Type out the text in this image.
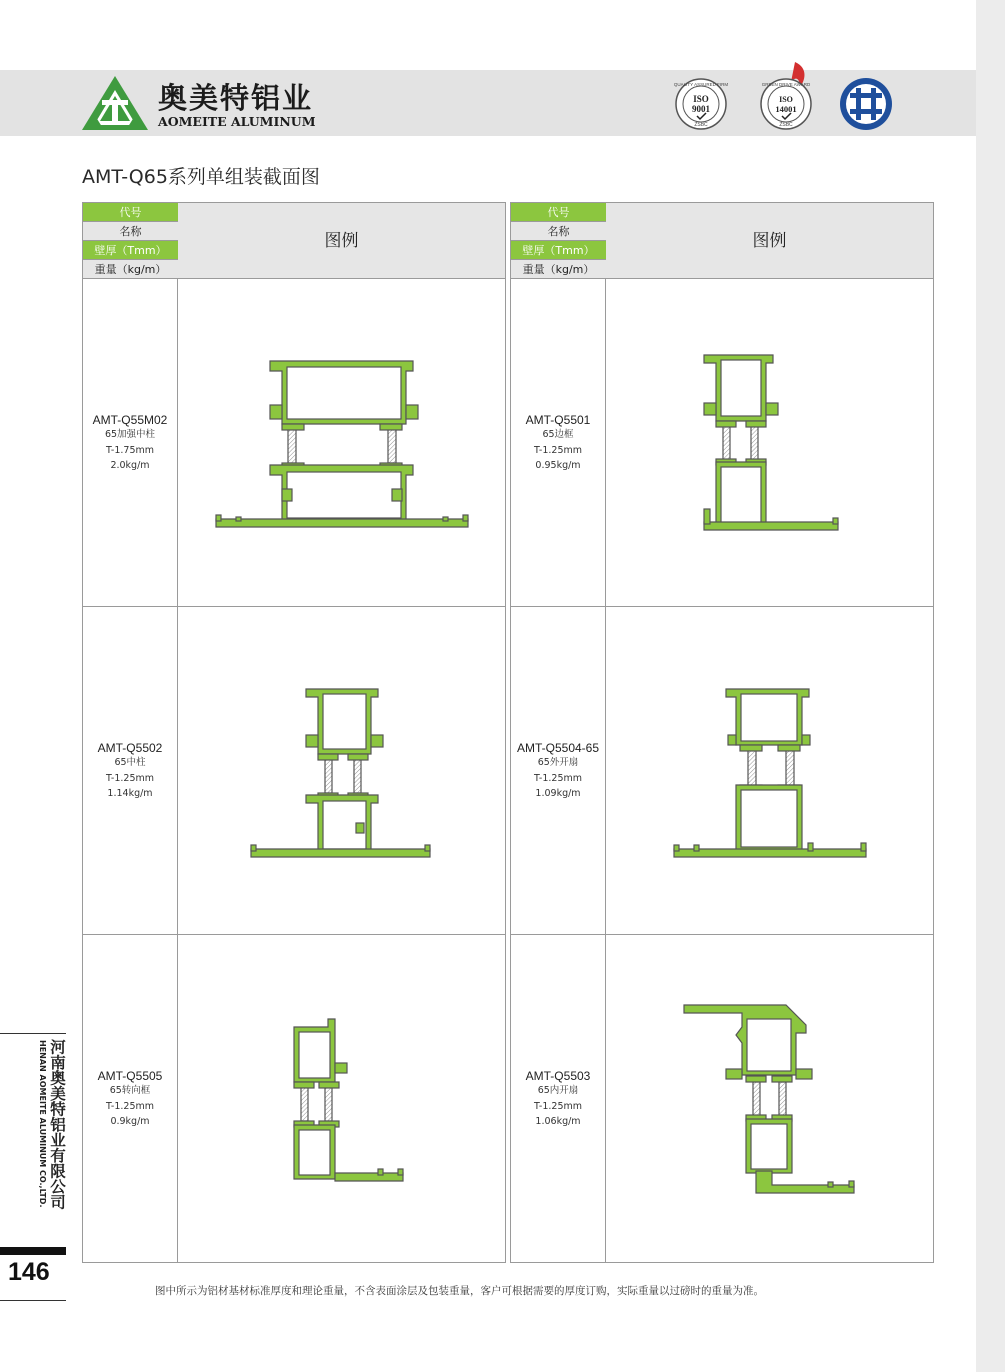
奥美特铝业
AOMEITE ALUMINUM
QUALITY ASSURED FIRM
ISO
9001
ZSBC
GREEN DRIVE AWARD
ISO
14001
ZSBC
AMT-Q65系列单组装截面图
代号
名称
壁厚（Tmm）
重量（kg/m）
图例
AMT-Q55M02
65加强中柱
T-1.75mm
2.0kg/m
AMT-Q5502
65中柱
T-1.25mm
1.14kg/m
AMT-Q5505
65转向框
T-1.25mm
0.9kg/m
代号
名称
壁厚（Tmm）
重量（kg/m）
图例
AMT-Q5501
65边框
T-1.25mm
0.95kg/m
AMT-Q5504-65
65外开扇
T-1.25mm
1.09kg/m
AMT-Q5503
65内开扇
T-1.25mm
1.06kg/m
河南奥美特铝业有限公司
HENAN AOMEITE ALUMINUM CO.,LTD.
146
图中所示为铝材基材标准厚度和理论重量，不含表面涂层及包装重量，客户可根据需要的厚度订购，实际重量以过磅时的重量为准。
